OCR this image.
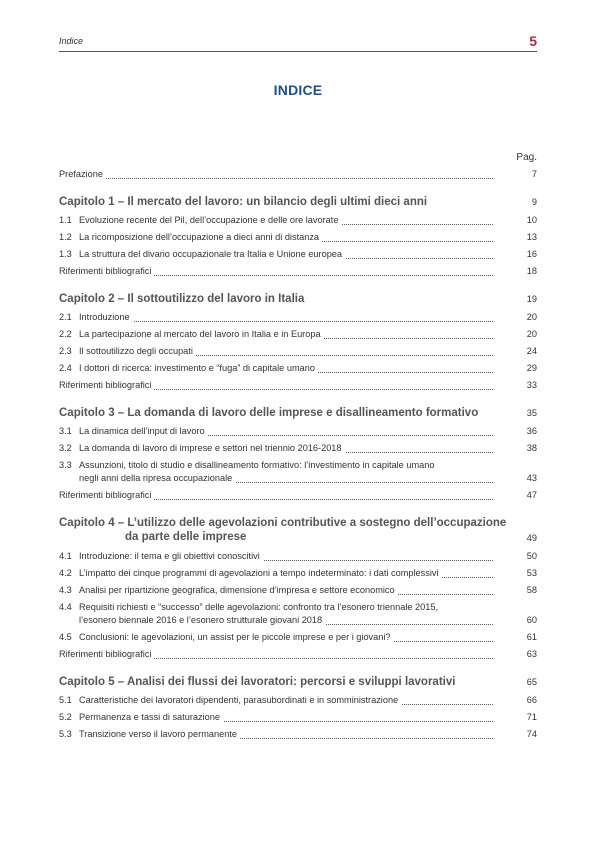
Indice	5
INDICE
Pag.
Prefazione	7
Capitolo 1 – Il mercato del lavoro: un bilancio degli ultimi dieci anni	9
1.1 Evoluzione recente del Pil, dell’occupazione e delle ore lavorate	10
1.2 La ricomposizione dell’occupazione a dieci anni di distanza	13
1.3 La struttura del divario occupazionale tra Italia e Unione europea	16
Riferimenti bibliografici	18
Capitolo 2 – Il sottoutilizzo del lavoro in Italia	19
2.1 Introduzione	20
2.2 La partecipazione al mercato del lavoro in Italia e in Europa	20
2.3 Il sottoutilizzo degli occupati	24
2.4 I dottori di ricerca: investimento e “fuga” di capitale umano	29
Riferimenti bibliografici	33
Capitolo 3 – La domanda di lavoro delle imprese e disallineamento formativo	35
3.1 La dinamica dell’input di lavoro	36
3.2 La domanda di lavoro di imprese e settori nel triennio 2016-2018	38
3.3 Assunzioni, titolo di studio e disallineamento formativo: l’investimento in capitale umano
negli anni della ripresa occupazionale	43
Riferimenti bibliografici	47
Capitolo 4 – L’utilizzo delle agevolazioni contributive a sostegno dell’occupazione
da parte delle imprese	49
4.1 Introduzione: il tema e gli obiettivi conoscitivi	50
4.2 L’impatto dei cinque programmi di agevolazioni a tempo indeterminato: i dati complessivi	53
4.3 Analisi per ripartizione geografica, dimensione d’impresa e settore economico	58
4.4 Requisiti richiesti e “successo” delle agevolazioni: confronto tra l’esonero triennale 2015,
l’esonero biennale 2016 e l’esonero strutturale giovani 2018	60
4.5 Conclusioni: le agevolazioni, un assist per le piccole imprese e per i giovani?	61
Riferimenti bibliografici	63
Capitolo 5 – Analisi dei flussi dei lavoratori: percorsi e sviluppi lavorativi	65
5.1 Caratteristiche dei lavoratori dipendenti, parasubordinati e in somministrazione	66
5.2 Permanenza e tassi di saturazione	71
5.3 Transizione verso il lavoro permanente	74
